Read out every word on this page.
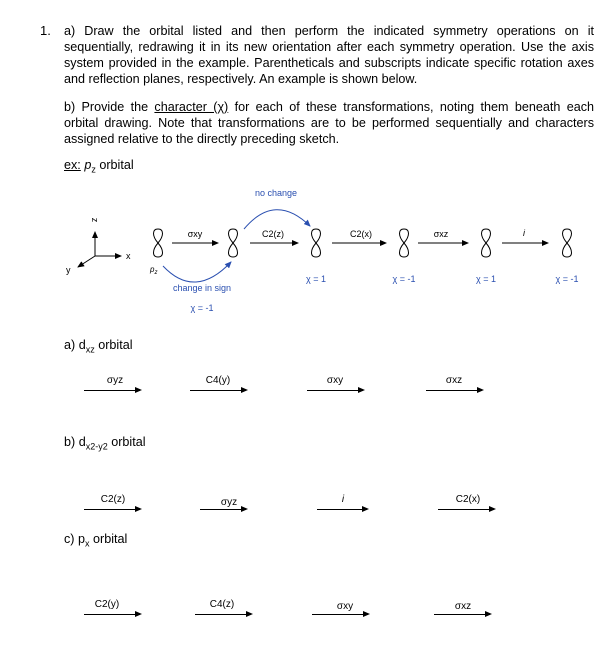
1. a) Draw the orbital listed and then perform the indicated symmetry operations on it sequentially, redrawing it in its new orientation after each symmetry operation. Use the axis system provided in the example. Parentheticals and subscripts indicate specific rotation axes and reflection planes, respectively. An example is shown below.
b) Provide the character (χ) for each of these transformations, noting them beneath each orbital drawing. Note that transformations are to be performed sequentially and characters assigned relative to the directly preceding sketch.
ex: $p_z$ orbital
z
x
y
σxy	C2(z)	C2(x)	σxz	i
no change
change in sign
χ = -1
$p_z$
χ = 1	χ = -1	χ = 1	χ = -1
a) $d_{xz}$ orbital
σyz	C4(y)	σxy	σxz
b) $d_{x2-y2}$ orbital
C2(z)	σyz	i	C2(x)
c) $p_x$ orbital
C2(y)	C4(z)	σxy	σxz
